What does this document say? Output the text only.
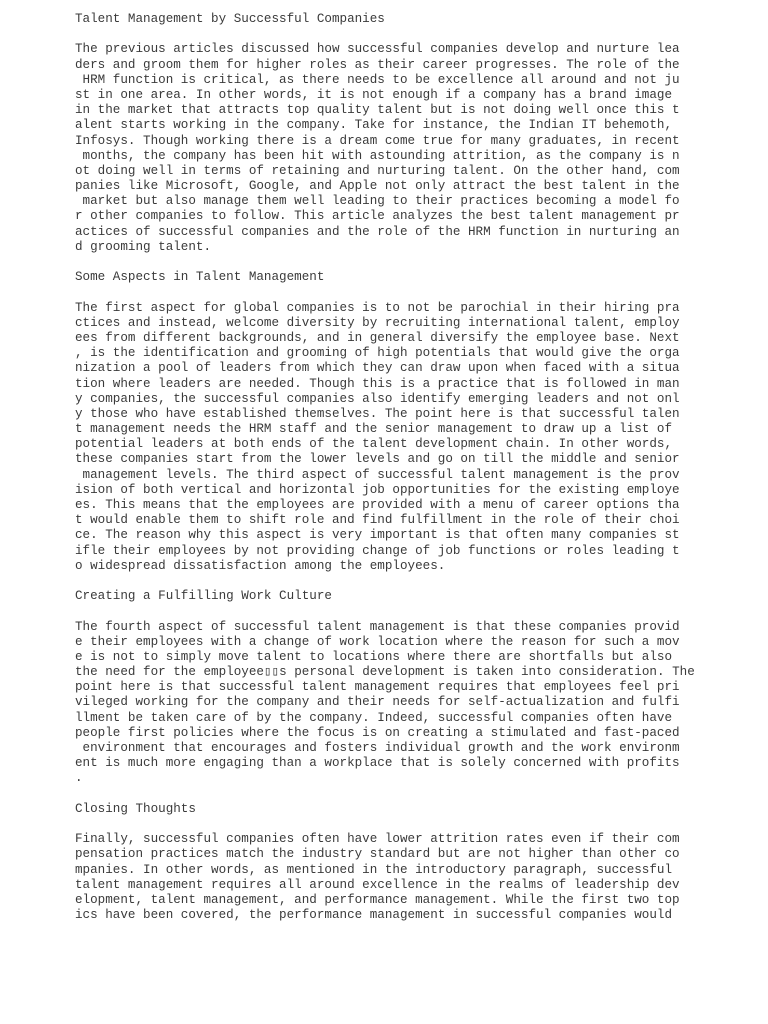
Talent Management by Successful Companies
The previous articles discussed how successful companies develop and nurture lea
ders and groom them for higher roles as their career progresses. The role of the
HRM function is critical, as there needs to be excellence all around and not ju
st in one area. In other words, it is not enough if a company has a brand image
in the market that attracts top quality talent but is not doing well once this t
alent starts working in the company. Take for instance, the Indian IT behemoth,
Infosys. Though working there is a dream come true for many graduates, in recent
months, the company has been hit with astounding attrition, as the company is n
ot doing well in terms of retaining and nurturing talent. On the other hand, com
panies like Microsoft, Google, and Apple not only attract the best talent in the
market but also manage them well leading to their practices becoming a model fo
r other companies to follow. This article analyzes the best talent management pr
actices of successful companies and the role of the HRM function in nurturing an
d grooming talent.
Some Aspects in Talent Management
The first aspect for global companies is to not be parochial in their hiring pra
ctices and instead, welcome diversity by recruiting international talent, employ
ees from different backgrounds, and in general diversify the employee base. Next
, is the identification and grooming of high potentials that would give the orga
nization a pool of leaders from which they can draw upon when faced with a situa
tion where leaders are needed. Though this is a practice that is followed in man
y companies, the successful companies also identify emerging leaders and not onl
y those who have established themselves. The point here is that successful talen
t management needs the HRM staff and the senior management to draw up a list of
potential leaders at both ends of the talent development chain. In other words,
these companies start from the lower levels and go on till the middle and senior
management levels. The third aspect of successful talent management is the prov
ision of both vertical and horizontal job opportunities for the existing employe
es. This means that the employees are provided with a menu of career options tha
t would enable them to shift role and find fulfillment in the role of their choi
ce. The reason why this aspect is very important is that often many companies st
ifle their employees by not providing change of job functions or roles leading t
o widespread dissatisfaction among the employees.
Creating a Fulfilling Work Culture
The fourth aspect of successful talent management is that these companies provid
e their employees with a change of work location where the reason for such a mov
e is not to simply move talent to locations where there are shortfalls but also
the need for the employee▯▯s personal development is taken into consideration. The
point here is that successful talent management requires that employees feel pri
vileged working for the company and their needs for self-actualization and fulfi
llment be taken care of by the company. Indeed, successful companies often have
people first policies where the focus is on creating a stimulated and fast-paced
environment that encourages and fosters individual growth and the work environm
ent is much more engaging than a workplace that is solely concerned with profits
.
Closing Thoughts
Finally, successful companies often have lower attrition rates even if their com
pensation practices match the industry standard but are not higher than other co
mpanies. In other words, as mentioned in the introductory paragraph, successful
talent management requires all around excellence in the realms of leadership dev
elopment, talent management, and performance management. While the first two top
ics have been covered, the performance management in successful companies would
